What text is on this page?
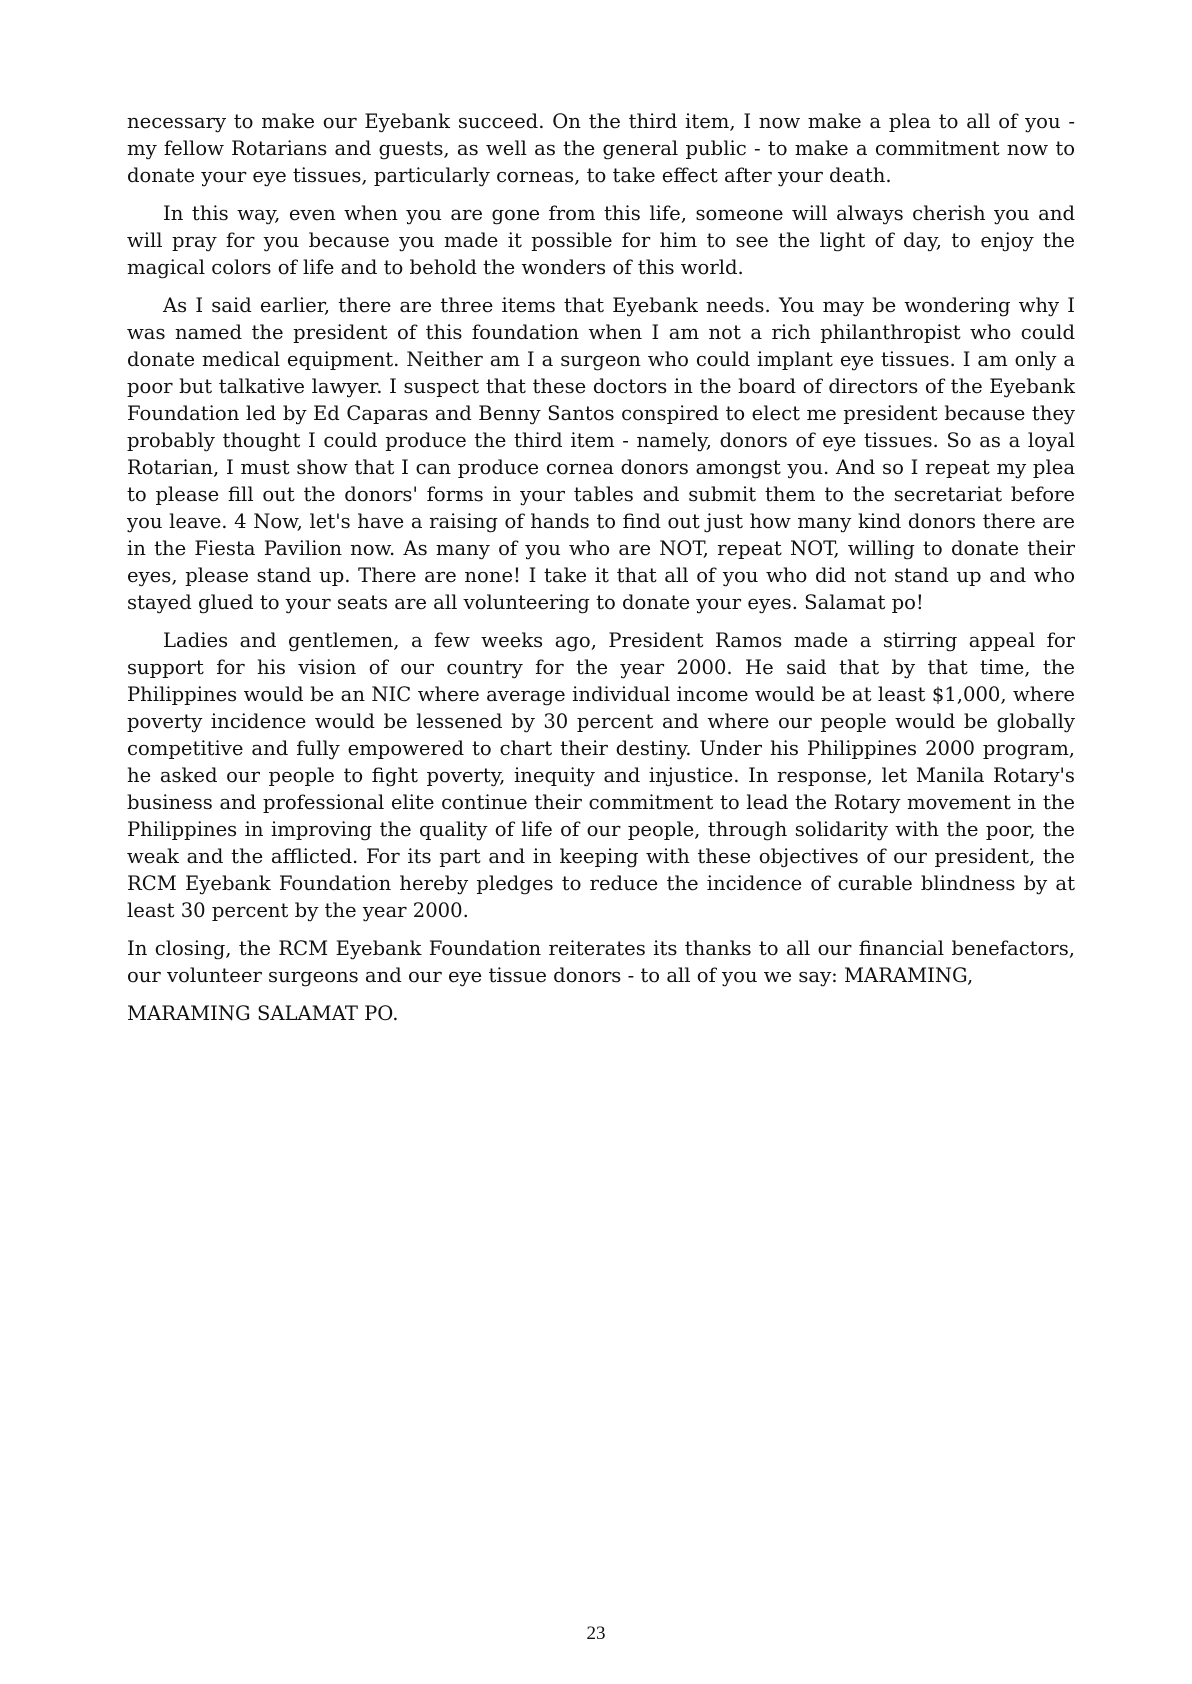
necessary to make our Eyebank succeed. On the third item, I now make a plea to all of you - my fellow Rotarians and guests, as well as the general public - to make a commitment now to donate your eye tissues, particularly corneas, to take effect after your death.

In this way, even when you are gone from this life, someone will always cherish you and will pray for you because you made it possible for him to see the light of day, to enjoy the magical colors of life and to behold the wonders of this world.

As I said earlier, there are three items that Eyebank needs. You may be wondering why I was named the president of this foundation when I am not a rich philanthropist who could donate medical equipment. Neither am I a surgeon who could implant eye tissues. I am only a poor but talkative lawyer. I suspect that these doctors in the board of directors of the Eyebank Foundation led by Ed Caparas and Benny Santos conspired to elect me president because they probably thought I could produce the third item - namely, donors of eye tissues. So as a loyal Rotarian, I must show that I can produce cornea donors amongst you. And so I repeat my plea to please fill out the donors' forms in your tables and submit them to the secretariat before you leave. 4 Now, let's have a raising of hands to find out just how many kind donors there are in the Fiesta Pavilion now. As many of you who are NOT, repeat NOT, willing to donate their eyes, please stand up. There are none! I take it that all of you who did not stand up and who stayed glued to your seats are all volunteering to donate your eyes. Salamat po!

Ladies and gentlemen, a few weeks ago, President Ramos made a stirring appeal for support for his vision of our country for the year 2000. He said that by that time, the Philippines would be an NIC where average individual income would be at least $1,000, where poverty incidence would be lessened by 30 percent and where our people would be globally competitive and fully empowered to chart their destiny. Under his Philippines 2000 program, he asked our people to fight poverty, inequity and injustice. In response, let Manila Rotary's business and professional elite continue their commitment to lead the Rotary movement in the Philippines in improving the quality of life of our people, through solidarity with the poor, the weak and the afflicted. For its part and in keeping with these objectives of our president, the RCM Eyebank Foundation hereby pledges to reduce the incidence of curable blindness by at least 30 percent by the year 2000.

In closing, the RCM Eyebank Foundation reiterates its thanks to all our financial benefactors, our volunteer surgeons and our eye tissue donors - to all of you we say: MARAMING,

MARAMING SALAMAT PO.

23
